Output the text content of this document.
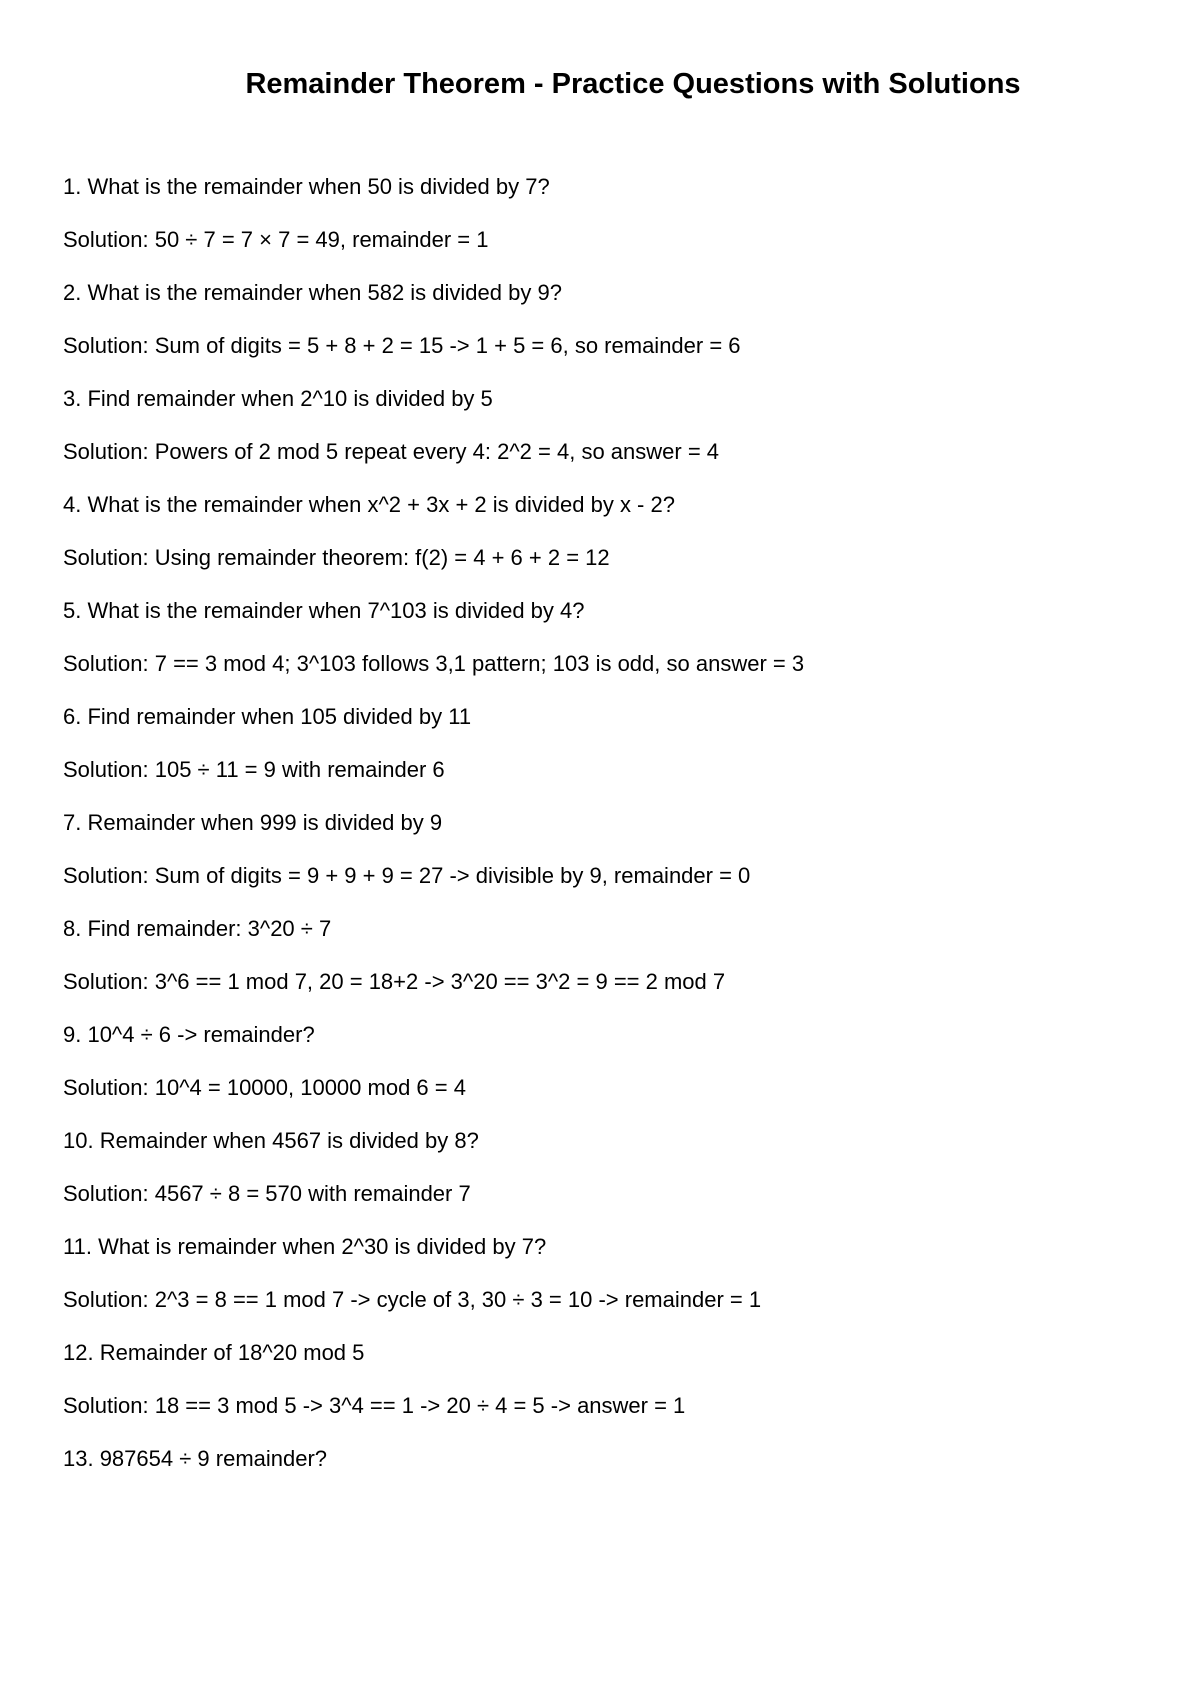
Remainder Theorem - Practice Questions with Solutions
1. What is the remainder when 50 is divided by 7?
Solution: 50 ÷ 7 = 7 × 7 = 49, remainder = 1
2. What is the remainder when 582 is divided by 9?
Solution: Sum of digits = 5 + 8 + 2 = 15 -> 1 + 5 = 6, so remainder = 6
3. Find remainder when 2^10 is divided by 5
Solution: Powers of 2 mod 5 repeat every 4: 2^2 = 4, so answer = 4
4. What is the remainder when x^2 + 3x + 2 is divided by x - 2?
Solution: Using remainder theorem: f(2) = 4 + 6 + 2 = 12
5. What is the remainder when 7^103 is divided by 4?
Solution: 7 == 3 mod 4; 3^103 follows 3,1 pattern; 103 is odd, so answer = 3
6. Find remainder when 105 divided by 11
Solution: 105 ÷ 11 = 9 with remainder 6
7. Remainder when 999 is divided by 9
Solution: Sum of digits = 9 + 9 + 9 = 27 -> divisible by 9, remainder = 0
8. Find remainder: 3^20 ÷ 7
Solution: 3^6 == 1 mod 7, 20 = 18+2 -> 3^20 == 3^2 = 9 == 2 mod 7
9. 10^4 ÷ 6 -> remainder?
Solution: 10^4 = 10000, 10000 mod 6 = 4
10. Remainder when 4567 is divided by 8?
Solution: 4567 ÷ 8 = 570 with remainder 7
11. What is remainder when 2^30 is divided by 7?
Solution: 2^3 = 8 == 1 mod 7 -> cycle of 3, 30 ÷ 3 = 10 -> remainder = 1
12. Remainder of 18^20 mod 5
Solution: 18 == 3 mod 5 -> 3^4 == 1 -> 20 ÷ 4 = 5 -> answer = 1
13. 987654 ÷ 9 remainder?
